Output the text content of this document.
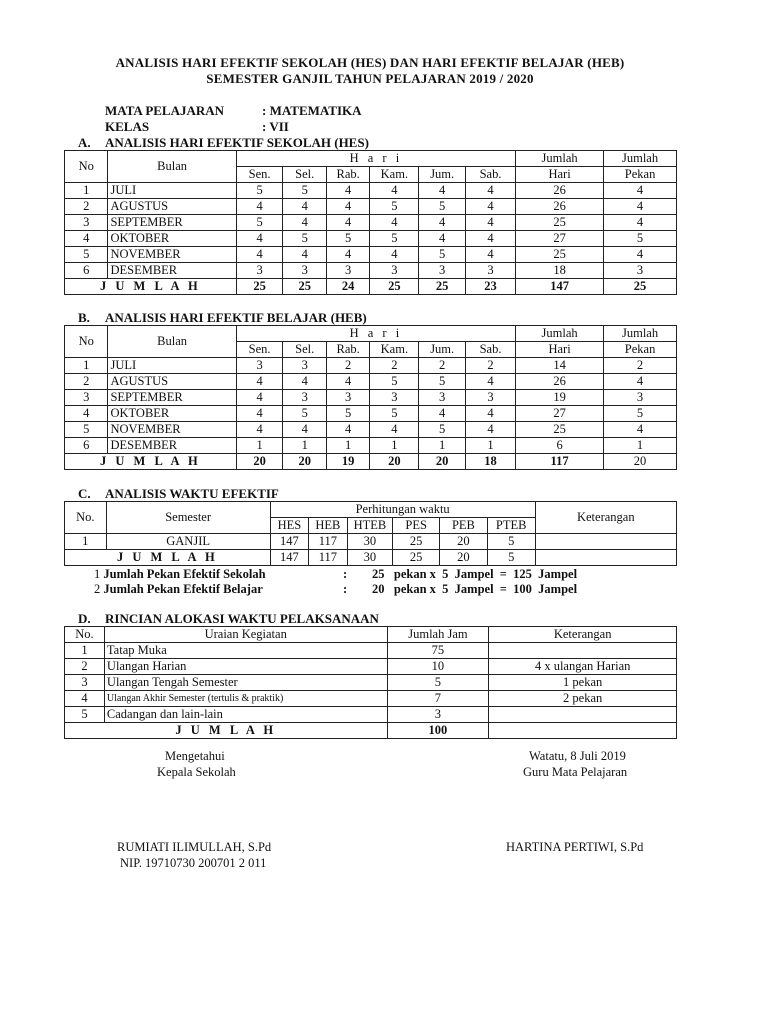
ANALISIS HARI EFEKTIF SEKOLAH (HES) DAN HARI EFEKTIF BELAJAR (HEB)
SEMESTER GANJIL TAHUN PELAJARAN 2019 / 2020
MATA PELAJARAN	: MATEMATIKA
KELAS	: VII
A. ANALISIS HARI EFEKTIF SEKOLAH (HES)
No	Bulan	H a r i						Jumlah	Jumlah
		Sen.	Sel.	Rab.	Kam.	Jum.	Sab.	Hari	Pekan
1	JULI	5	5	4	4	4	4	26	4
2	AGUSTUS	4	4	4	5	5	4	26	4
3	SEPTEMBER	5	4	4	4	4	4	25	4
4	OKTOBER	4	5	5	5	4	4	27	5
5	NOVEMBER	4	4	4	4	5	4	25	4
6	DESEMBER	3	3	3	3	3	3	18	3
J U M L A H		25	25	24	25	25	23	147	25
B. ANALISIS HARI EFEKTIF BELAJAR (HEB)
No	Bulan	H a r i						Jumlah	Jumlah
		Sen.	Sel.	Rab.	Kam.	Jum.	Sab.	Hari	Pekan
1	JULI	3	3	2	2	2	2	14	2
2	AGUSTUS	4	4	4	5	5	4	26	4
3	SEPTEMBER	4	3	3	3	3	3	19	3
4	OKTOBER	4	5	5	5	4	4	27	5
5	NOVEMBER	4	4	4	4	5	4	25	4
6	DESEMBER	1	1	1	1	1	1	6	1
J U M L A H		20	20	19	20	20	18	117	20
C. ANALISIS WAKTU EFEKTIF
No.	Semester	Perhitungan waktu						Keterangan
		HES	HEB	HTEB	PES	PEB	PTEB	
1	GANJIL	147	117	30	25	20	5	
J U M L A H		147	117	30	25	20	5	
1 Jumlah Pekan Efektif Sekolah	: 25   pekan x  5  Jampel  =  125  Jampel
2 Jumlah Pekan Efektif Belajar	: 20   pekan x  5  Jampel  =  100  Jampel
D. RINCIAN ALOKASI WAKTU PELAKSANAAN
No.	Uraian Kegiatan	Jumlah Jam	Keterangan
1	Tatap Muka	75	
2	Ulangan Harian	10	4 x ulangan Harian
3	Ulangan Tengah Semester	5	1 pekan
4	Ulangan Akhir Semester (tertulis & praktik)	7	2 pekan
5	Cadangan dan lain-lain	3	
J U M L A H		100	
Mengetahui
Kepala Sekolah
Watatu, 8 Juli 2019
Guru Mata Pelajaran
RUMIATI ILIMULLAH, S.Pd
NIP. 19710730 200701 2 011
HARTINA PERTIWI, S.Pd
